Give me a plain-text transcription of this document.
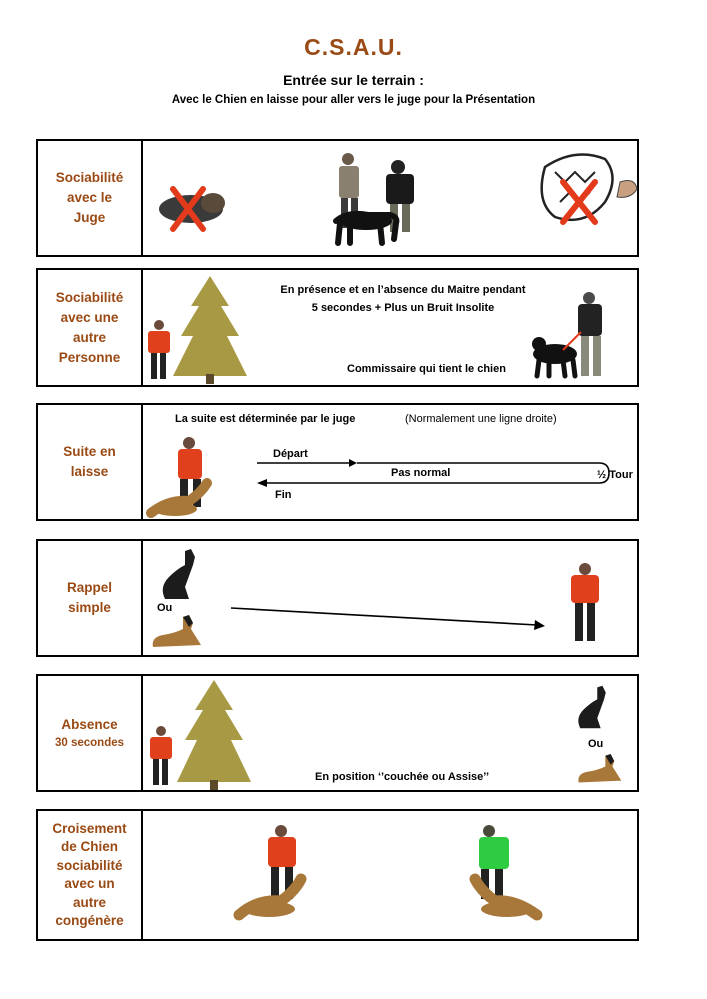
C.S.A.U.
Entrée sur le terrain :
Avec le Chien en laisse pour aller vers le juge pour la Présentation
Sociabilité
avec le
Juge
Sociabilité
avec une
autre
Personne
En présence et en l’absence du Maitre pendant
5 secondes + Plus un Bruit Insolite
Commissaire qui tient le chien
Suite en
laisse
La suite est déterminée par le juge	(Normalement une ligne droite)
Départ
Pas normal
Fin
½ Tour
Rappel
simple	Ou
Absence
30 secondes
En position ‘’couchée ou Assise’’
Ou
Croisement
de Chien
sociabilité
avec un
autre
congénère
